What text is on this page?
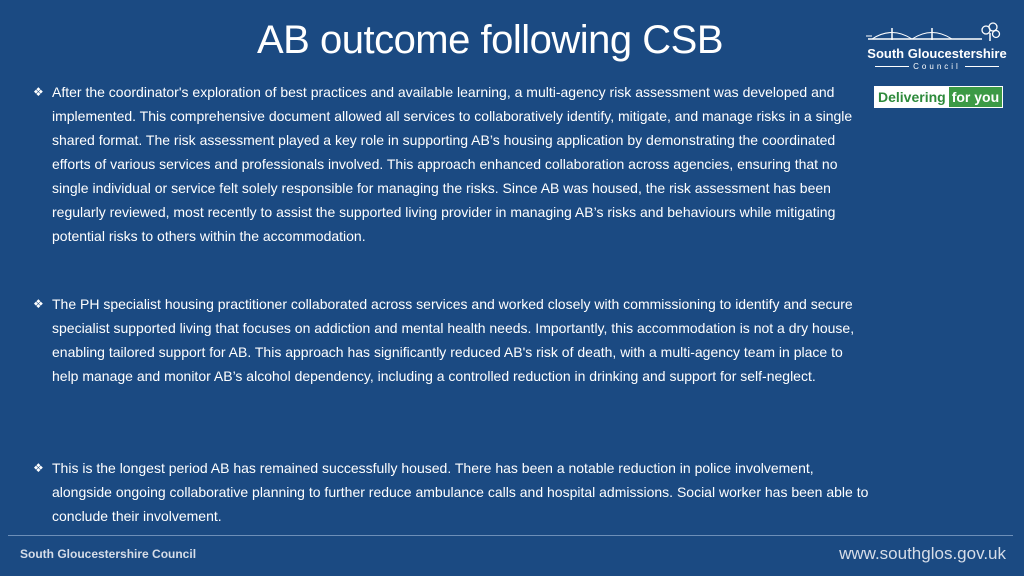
AB outcome following CSB	South Gloucestershire
Council
Delivering for you
❖ After the coordinator's exploration of best practices and available learning, a multi-agency risk assessment was developed and implemented. This comprehensive document allowed all services to collaboratively identify, mitigate, and manage risks in a single shared format. The risk assessment played a key role in supporting AB’s housing application by demonstrating the coordinated efforts of various services and professionals involved. This approach enhanced collaboration across agencies, ensuring that no single individual or service felt solely responsible for managing the risks. Since AB was housed, the risk assessment has been regularly reviewed, most recently to assist the supported living provider in managing AB’s risks and behaviours while mitigating potential risks to others within the accommodation.
❖ The PH specialist housing practitioner collaborated across services and worked closely with commissioning to identify and secure specialist supported living that focuses on addiction and mental health needs. Importantly, this accommodation is not a dry house, enabling tailored support for AB. This approach has significantly reduced AB's risk of death, with a multi-agency team in place to help manage and monitor AB’s alcohol dependency, including a controlled reduction in drinking and support for self-neglect.
❖ This is the longest period AB has remained successfully housed. There has been a notable reduction in police involvement, alongside ongoing collaborative planning to further reduce ambulance calls and hospital admissions. Social worker has been able to conclude their involvement.
South Gloucestershire Council	www.southglos.gov.uk
